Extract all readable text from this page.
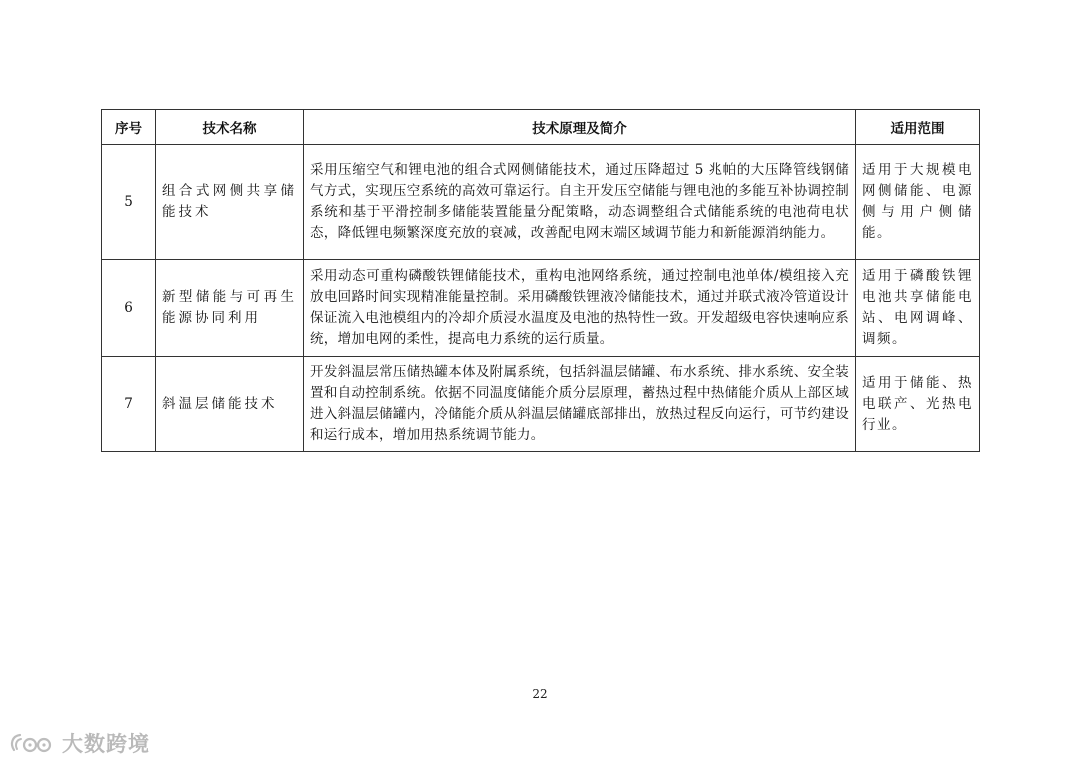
序号	技术名称	技术原理及简介	适用范围
5	组合式网侧共享储能技术	采用压缩空气和锂电池的组合式网侧储能技术，通过压降超过 5 兆帕的大压降管线钢储气方式，实现压空系统的高效可靠运行。自主开发压空储能与锂电池的多能互补协调控制系统和基于平滑控制多储能装置能量分配策略，动态调整组合式储能系统的电池荷电状态，降低锂电频繁深度充放的衰减，改善配电网末端区域调节能力和新能源消纳能力。	适用于大规模电网侧储能、电源侧与用户侧储能。
6	新型储能与可再生能源协同利用	采用动态可重构磷酸铁锂储能技术，重构电池网络系统，通过控制电池单体/模组接入充放电回路时间实现精准能量控制。采用磷酸铁锂液冷储能技术，通过并联式液冷管道设计保证流入电池模组内的冷却介质浸水温度及电池的热特性一致。开发超级电容快速响应系统，增加电网的柔性，提高电力系统的运行质量。	适用于磷酸铁锂电池共享储能电站、电网调峰、调频。
7	斜温层储能技术	开发斜温层常压储热罐本体及附属系统，包括斜温层储罐、布水系统、排水系统、安全装置和自动控制系统。依据不同温度储能介质分层原理，蓄热过程中热储能介质从上部区域进入斜温层储罐内，冷储能介质从斜温层储罐底部排出，放热过程反向运行，可节约建设和运行成本，增加用热系统调节能力。	适用于储能、热电联产、光热电行业。
22
大数跨境
